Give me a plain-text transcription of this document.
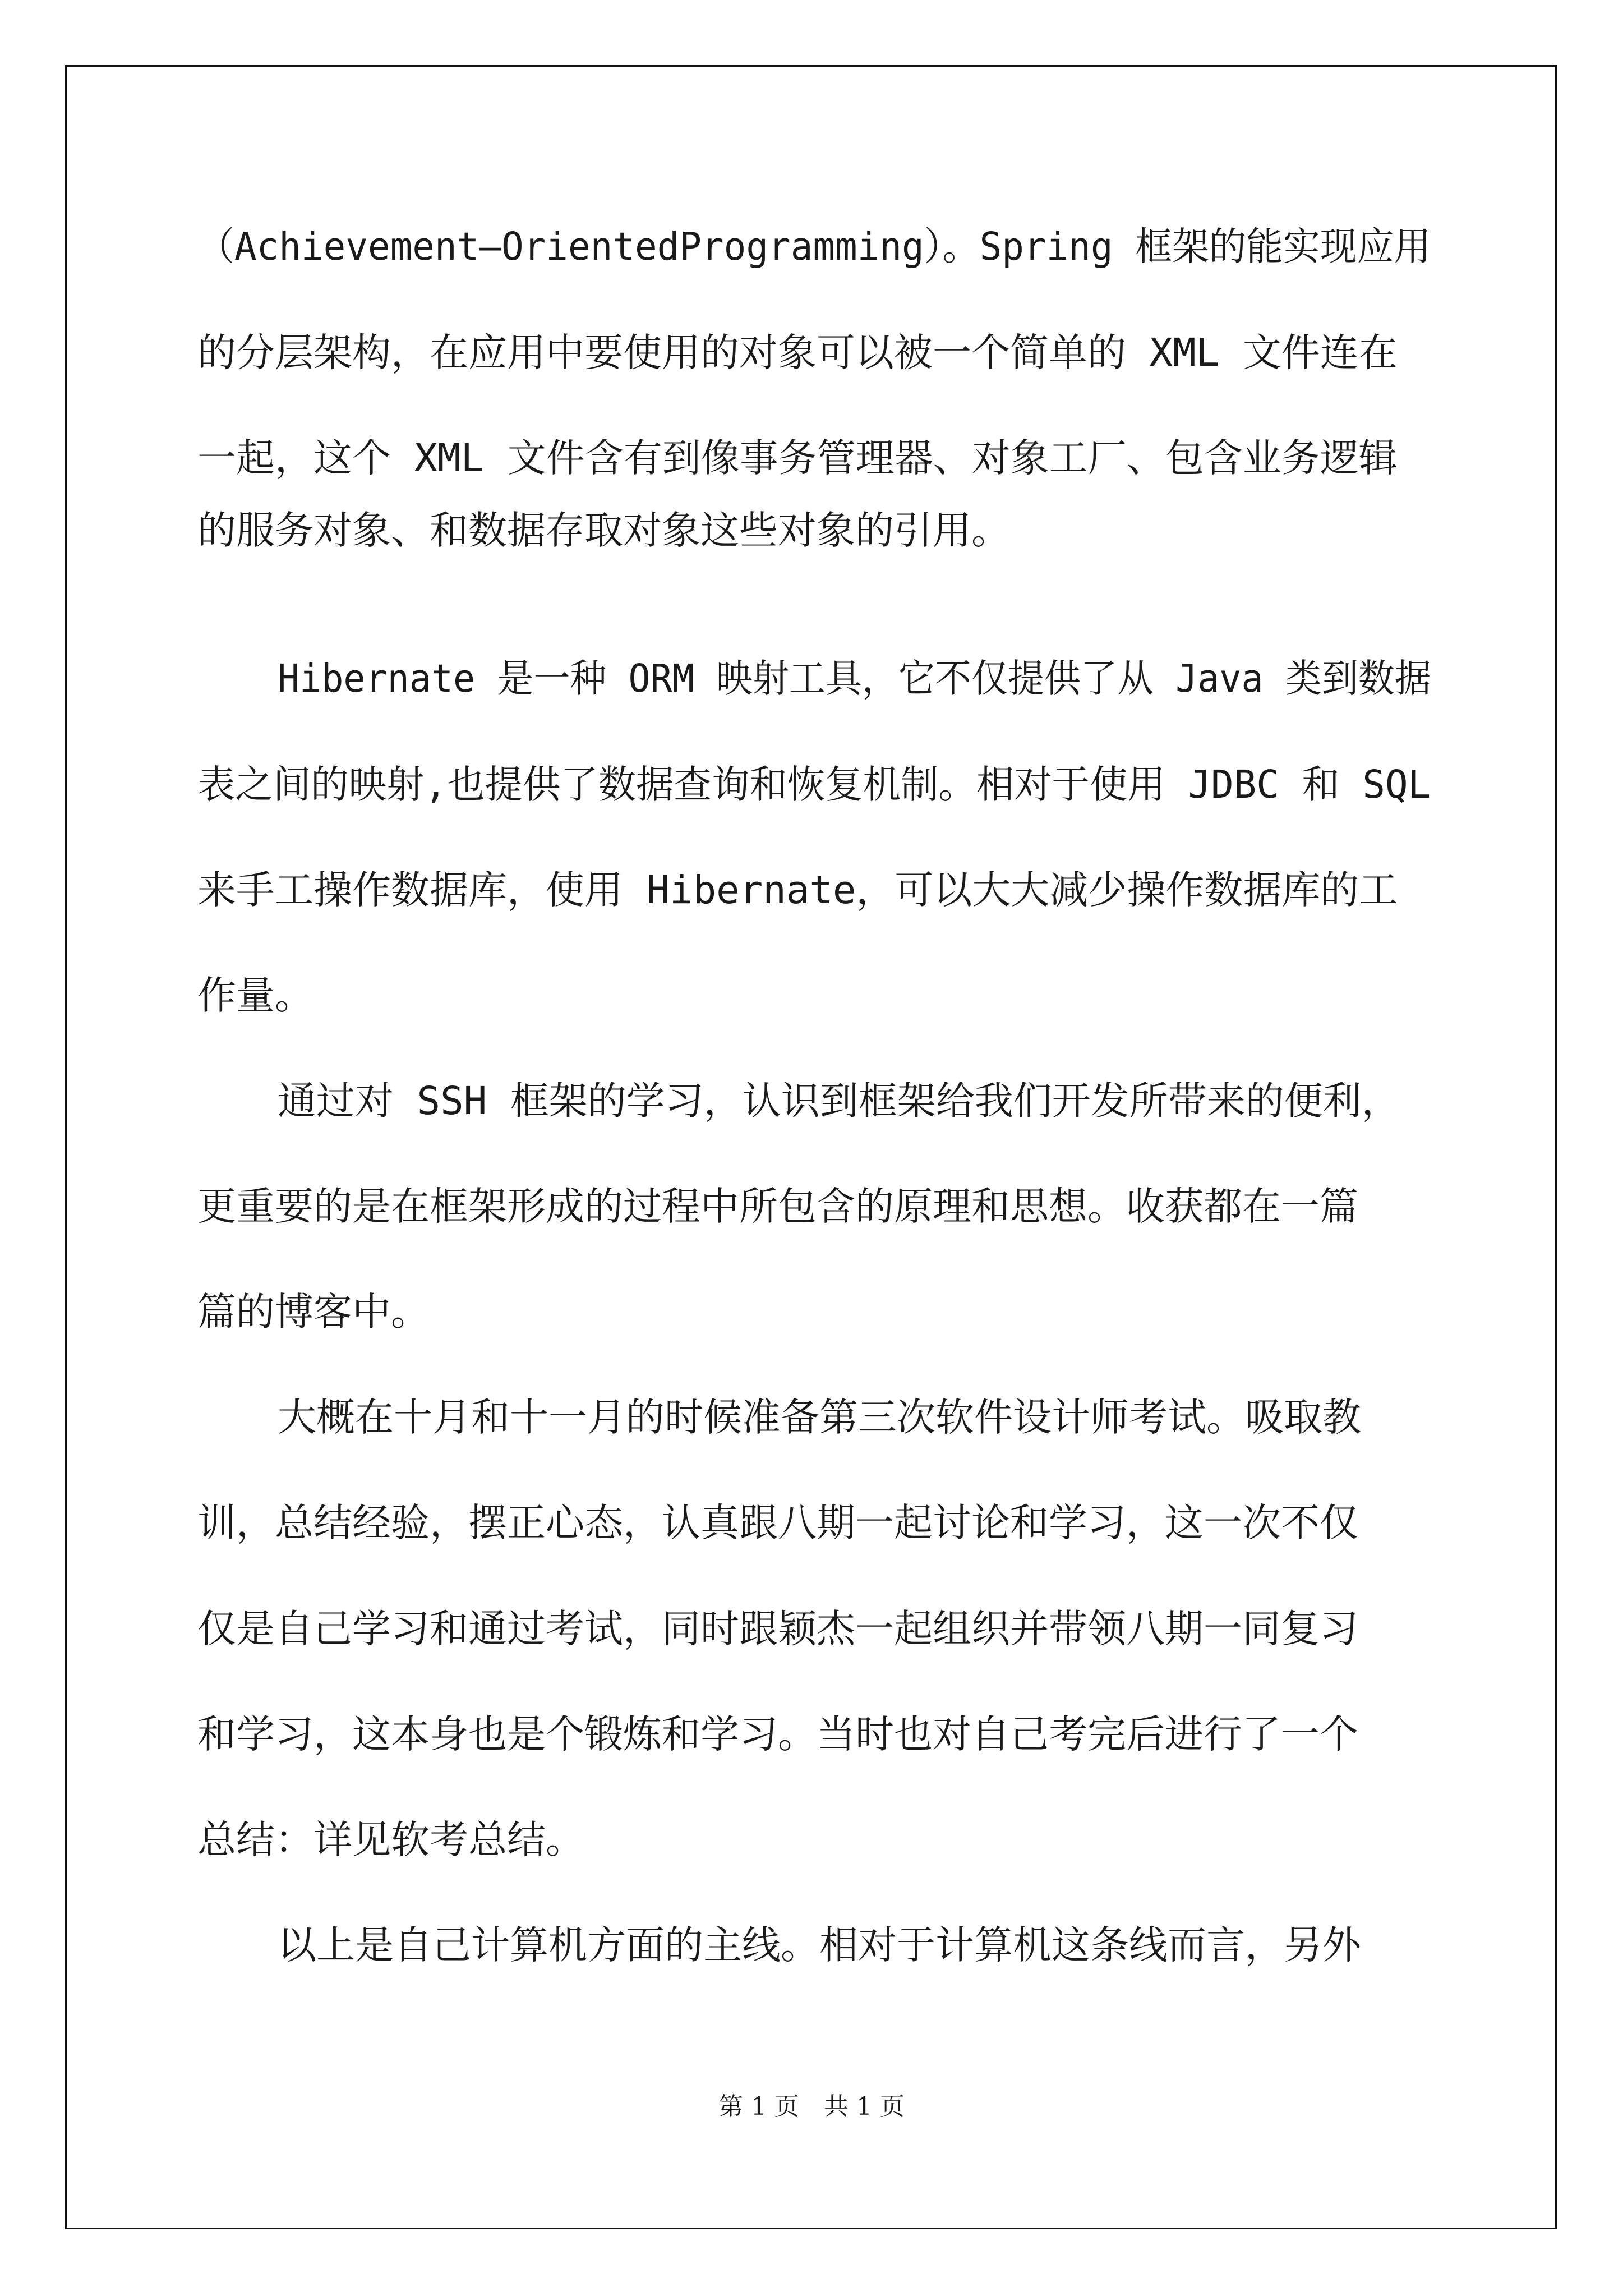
（Achievement—OrientedProgramming）。Spring 框架的能实现应用
的分层架构，在应用中要使用的对象可以被一个简单的 XML 文件连在
一起，这个 XML 文件含有到像事务管理器、对象工厂、包含业务逻辑
的服务对象、和数据存取对象这些对象的引用。
Hibernate 是一种 ORM 映射工具，它不仅提供了从 Java 类到数据
表之间的映射,也提供了数据查询和恢复机制。相对于使用 JDBC 和 SQL
来手工操作数据库，使用 Hibernate，可以大大减少操作数据库的工
作量。
通过对 SSH 框架的学习，认识到框架给我们开发所带来的便利，
更重要的是在框架形成的过程中所包含的原理和思想。收获都在一篇
篇的博客中。
大概在十月和十一月的时候准备第三次软件设计师考试。吸取教
训，总结经验，摆正心态，认真跟八期一起讨论和学习，这一次不仅
仅是自己学习和通过考试，同时跟颖杰一起组织并带领八期一同复习
和学习，这本身也是个锻炼和学习。当时也对自己考完后进行了一个
总结：详见软考总结。
以上是自己计算机方面的主线。相对于计算机这条线而言，另外
第 1 页　共 1 页
